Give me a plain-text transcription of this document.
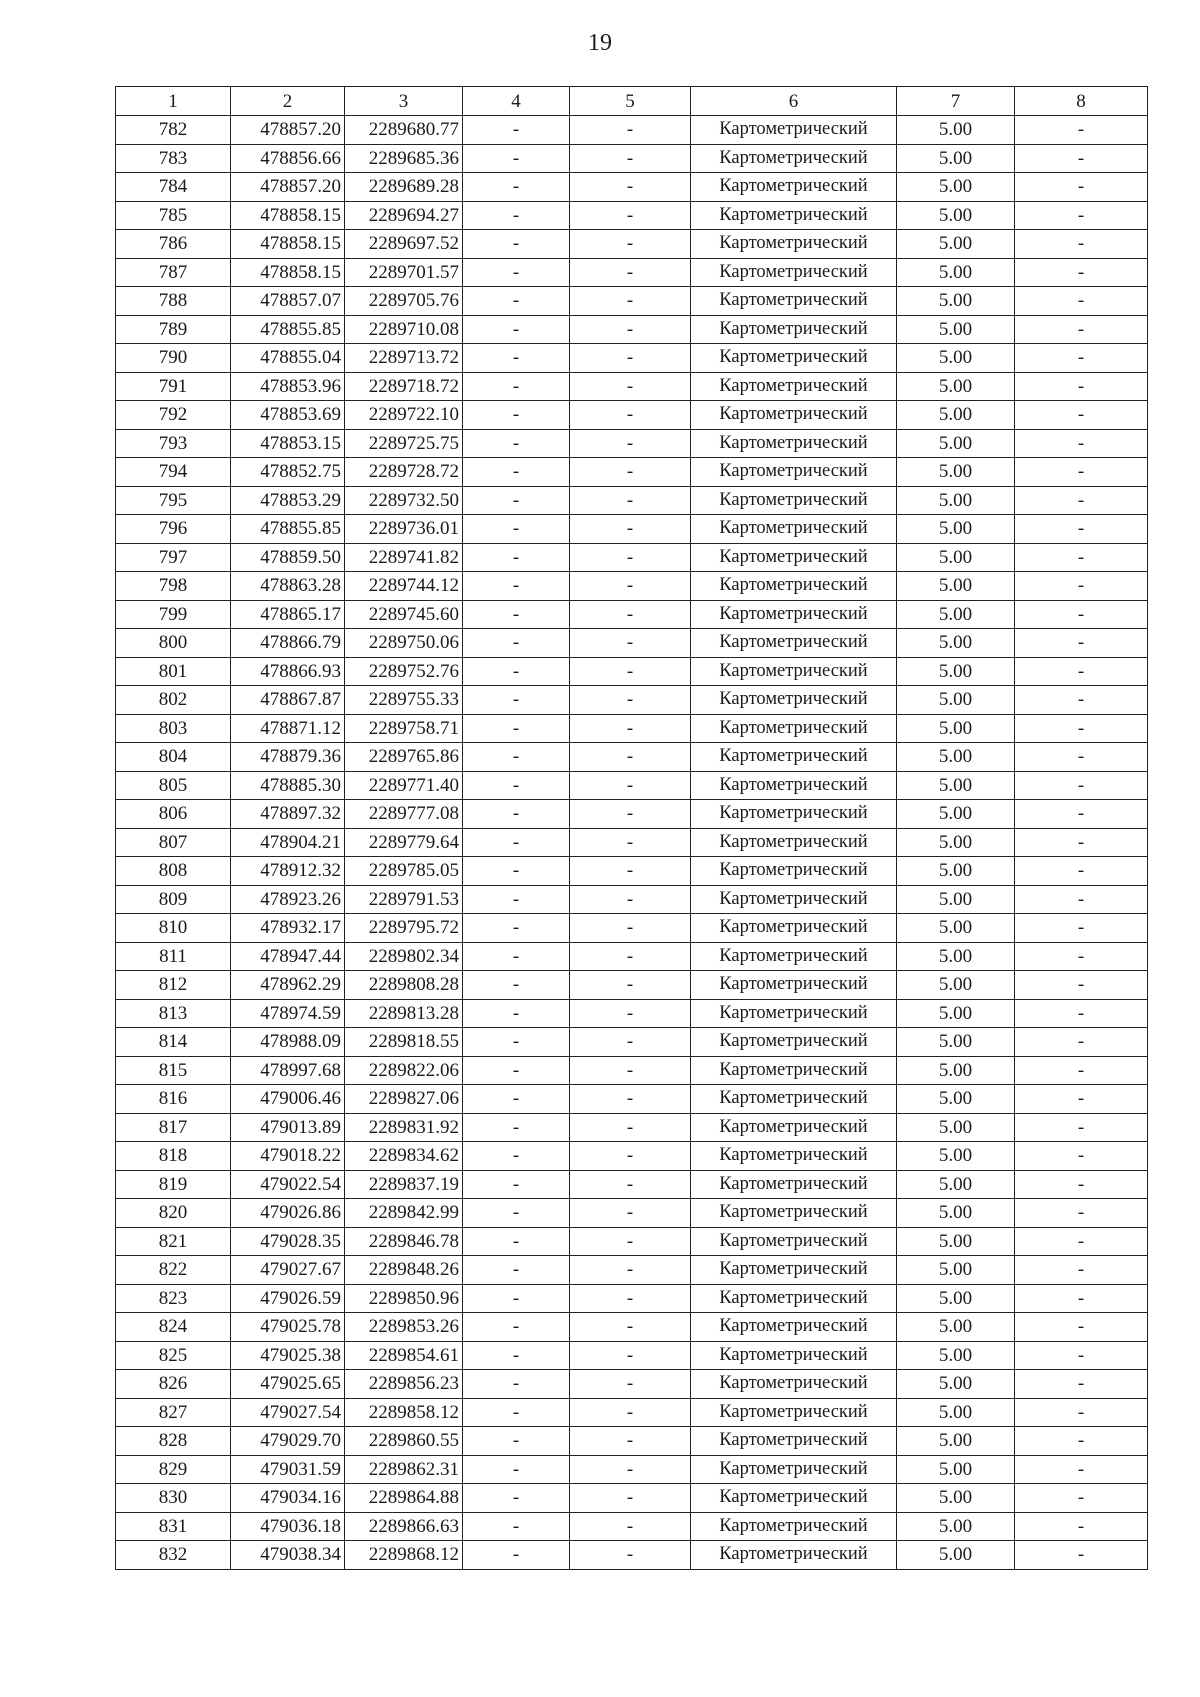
19
1	2	3	4	5	6	7	8
782	478857.20	2289680.77	-	-	Картометрический	5.00	-
783	478856.66	2289685.36	-	-	Картометрический	5.00	-
784	478857.20	2289689.28	-	-	Картометрический	5.00	-
785	478858.15	2289694.27	-	-	Картометрический	5.00	-
786	478858.15	2289697.52	-	-	Картометрический	5.00	-
787	478858.15	2289701.57	-	-	Картометрический	5.00	-
788	478857.07	2289705.76	-	-	Картометрический	5.00	-
789	478855.85	2289710.08	-	-	Картометрический	5.00	-
790	478855.04	2289713.72	-	-	Картометрический	5.00	-
791	478853.96	2289718.72	-	-	Картометрический	5.00	-
792	478853.69	2289722.10	-	-	Картометрический	5.00	-
793	478853.15	2289725.75	-	-	Картометрический	5.00	-
794	478852.75	2289728.72	-	-	Картометрический	5.00	-
795	478853.29	2289732.50	-	-	Картометрический	5.00	-
796	478855.85	2289736.01	-	-	Картометрический	5.00	-
797	478859.50	2289741.82	-	-	Картометрический	5.00	-
798	478863.28	2289744.12	-	-	Картометрический	5.00	-
799	478865.17	2289745.60	-	-	Картометрический	5.00	-
800	478866.79	2289750.06	-	-	Картометрический	5.00	-
801	478866.93	2289752.76	-	-	Картометрический	5.00	-
802	478867.87	2289755.33	-	-	Картометрический	5.00	-
803	478871.12	2289758.71	-	-	Картометрический	5.00	-
804	478879.36	2289765.86	-	-	Картометрический	5.00	-
805	478885.30	2289771.40	-	-	Картометрический	5.00	-
806	478897.32	2289777.08	-	-	Картометрический	5.00	-
807	478904.21	2289779.64	-	-	Картометрический	5.00	-
808	478912.32	2289785.05	-	-	Картометрический	5.00	-
809	478923.26	2289791.53	-	-	Картометрический	5.00	-
810	478932.17	2289795.72	-	-	Картометрический	5.00	-
811	478947.44	2289802.34	-	-	Картометрический	5.00	-
812	478962.29	2289808.28	-	-	Картометрический	5.00	-
813	478974.59	2289813.28	-	-	Картометрический	5.00	-
814	478988.09	2289818.55	-	-	Картометрический	5.00	-
815	478997.68	2289822.06	-	-	Картометрический	5.00	-
816	479006.46	2289827.06	-	-	Картометрический	5.00	-
817	479013.89	2289831.92	-	-	Картометрический	5.00	-
818	479018.22	2289834.62	-	-	Картометрический	5.00	-
819	479022.54	2289837.19	-	-	Картометрический	5.00	-
820	479026.86	2289842.99	-	-	Картометрический	5.00	-
821	479028.35	2289846.78	-	-	Картометрический	5.00	-
822	479027.67	2289848.26	-	-	Картометрический	5.00	-
823	479026.59	2289850.96	-	-	Картометрический	5.00	-
824	479025.78	2289853.26	-	-	Картометрический	5.00	-
825	479025.38	2289854.61	-	-	Картометрический	5.00	-
826	479025.65	2289856.23	-	-	Картометрический	5.00	-
827	479027.54	2289858.12	-	-	Картометрический	5.00	-
828	479029.70	2289860.55	-	-	Картометрический	5.00	-
829	479031.59	2289862.31	-	-	Картометрический	5.00	-
830	479034.16	2289864.88	-	-	Картометрический	5.00	-
831	479036.18	2289866.63	-	-	Картометрический	5.00	-
832	479038.34	2289868.12	-	-	Картометрический	5.00	-
